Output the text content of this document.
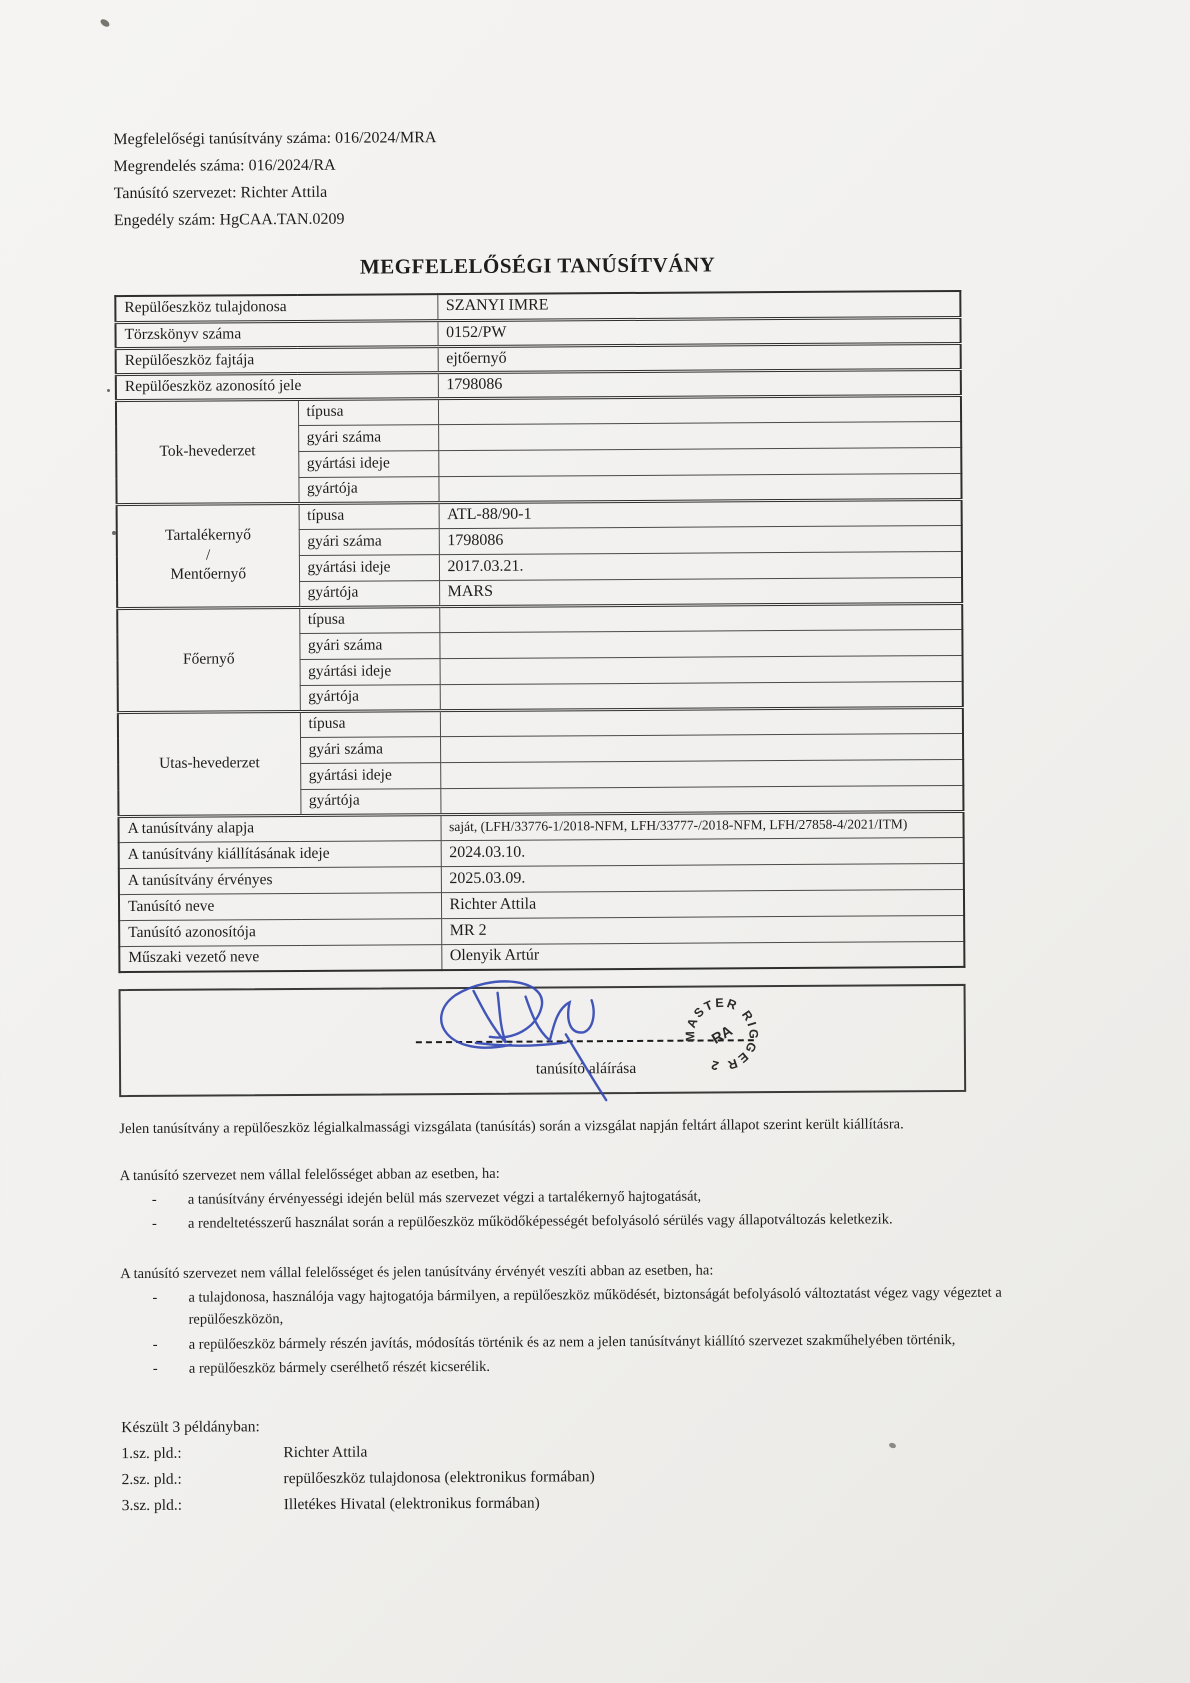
Megfelelőségi tanúsítvány száma: 016/2024/MRA
Megrendelés száma: 016/2024/RA
Tanúsító szervezet: Richter Attila
Engedély szám: HgCAA.TAN.0209
MEGFELELŐSÉGI TANÚSÍTVÁNY
Repülőeszköz tulajdonosa		SZANYI IMRE
Törzskönyv száma		0152/PW
Repülőeszköz fajtája		ejtőernyő
Repülőeszköz azonosító jele		1798086
Tok-hevederzet	típusa	
	gyári száma	
	gyártási ideje	
	gyártója	
Tartalékernyő
/
Mentőernyő	típusa	ATL-88/90-1
	gyári száma	1798086
	gyártási ideje	2017.03.21.
	gyártója	MARS
Főernyő	típusa	
	gyári száma	
	gyártási ideje	
	gyártója	
Utas-hevederzet	típusa	
	gyári száma	
	gyártási ideje	
	gyártója	
A tanúsítvány alapja		saját, (LFH/33776-1/2018-NFM, LFH/33777-/2018-NFM, LFH/27858-4/2021/ITM)
A tanúsítvány kiállításának ideje		2024.03.10.
A tanúsítvány érvényes		2025.03.09.
Tanúsító neve		Richter Attila
Tanúsító azonosítója		MR 2
Műszaki vezető neve		Olenyik Artúr
MASTER RIGGER 2
RA
tanúsító aláírása
Jelen tanúsítvány a repülőeszköz légialkalmassági vizsgálata (tanúsítás) során a vizsgálat napján feltárt állapot szerint került kiállításra.
A tanúsító szervezet nem vállal felelősséget abban az esetben, ha:
-	a tanúsítvány érvényességi idején belül más szervezet végzi a tartalékernyő hajtogatását,
-	a rendeltetésszerű használat során a repülőeszköz működőképességét befolyásoló sérülés vagy állapotváltozás keletkezik.
A tanúsító szervezet nem vállal felelősséget és jelen tanúsítvány érvényét veszíti abban az esetben, ha:
-	a tulajdonosa, használója vagy hajtogatója bármilyen, a repülőeszköz működését, biztonságát befolyásoló változtatást végez vagy végeztet a repülőeszközön,
-	a repülőeszköz bármely részén javítás, módosítás történik és az nem a jelen tanúsítványt kiállító szervezet szakműhelyében történik,
-	a repülőeszköz bármely cserélhető részét kicserélik.
Készült 3 példányban:
1.sz. pld.:	Richter Attila
2.sz. pld.:	repülőeszköz tulajdonosa (elektronikus formában)
3.sz. pld.:	Illetékes Hivatal (elektronikus formában)
